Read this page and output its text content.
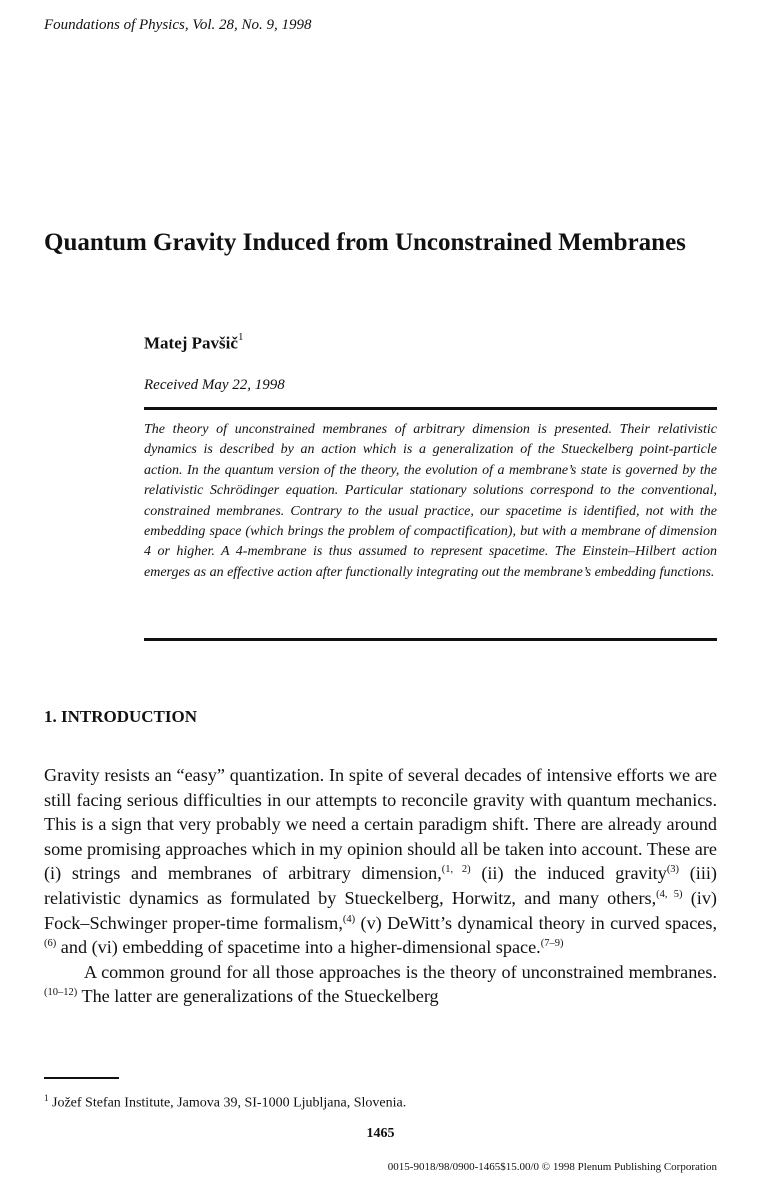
Foundations of Physics, Vol. 28, No. 9, 1998
Quantum Gravity Induced from Unconstrained Membranes
Matej Pavšič$^1$
Received May 22, 1998
The theory of unconstrained membranes of arbitrary dimension is presented. Their relativistic dynamics is described by an action which is a generalization of the Stueckelberg point-particle action. In the quantum version of the theory, the evolution of a membrane’s state is governed by the relativistic Schrödinger equation. Particular stationary solutions correspond to the conventional, constrained membranes. Contrary to the usual practice, our spacetime is identified, not with the embedding space (which brings the problem of compactification), but with a membrane of dimension 4 or higher. A 4-membrane is thus assumed to represent spacetime. The Einstein–Hilbert action emerges as an effective action after functionally integrating out the membrane’s embedding functions.
1. INTRODUCTION

Gravity resists an “easy” quantization. In spite of several decades of intensive efforts we are still facing serious difficulties in our attempts to reconcile gravity with quantum mechanics. This is a sign that very probably we need a certain paradigm shift. There are already around some promising approaches which in my opinion should all be taken into account. These are (i) strings and membranes of arbitrary dimension,$^{(1, 2)}$ (ii) the induced gravity$^{(3)}$ (iii) relativistic dynamics as formulated by Stueckelberg, Horwitz, and many others,$^{(4, 5)}$ (iv) Fock–Schwinger proper-time formalism,$^{(4)}$ (v) DeWitt’s dynamical theory in curved spaces,$^{(6)}$ and (vi) embedding of spacetime into a higher-dimensional space.$^{(7-9)}$

A common ground for all those approaches is the theory of unconstrained membranes.$^{(10-12)}$ The latter are generalizations of the Stueckelberg

$^1$ Jožef Stefan Institute, Jamova 39, SI-1000 Ljubljana, Slovenia.
1465
0015-9018/98/0900-1465$15.00/0 © 1998 Plenum Publishing Corporation
